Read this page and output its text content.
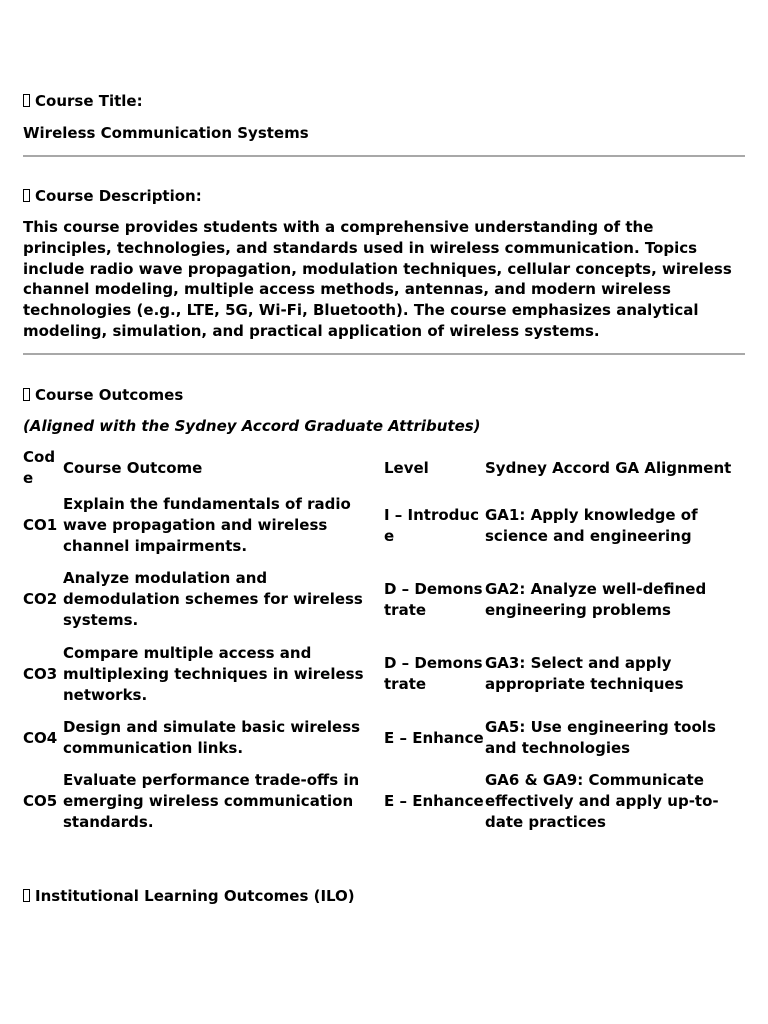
Course Title:
Wireless Communication Systems
Course Description:
This course provides students with a comprehensive understanding of the principles, technologies, and standards used in wireless communication. Topics include radio wave propagation, modulation techniques, cellular concepts, wireless channel modeling, multiple access methods, antennas, and modern wireless technologies (e.g., LTE, 5G, Wi-Fi, Bluetooth). The course emphasizes analytical modeling, simulation, and practical application of wireless systems.
Course Outcomes
(Aligned with the Sydney Accord Graduate Attributes)
Code	Course Outcome	Level	Sydney Accord GA Alignment
CO1	Explain the fundamentals of radio wave propagation and wireless channel impairments.	I – Introduce	GA1: Apply knowledge of science and engineering
CO2	Analyze modulation and demodulation schemes for wireless systems.	D – Demonstrate	GA2: Analyze well-defined engineering problems
CO3	Compare multiple access and multiplexing techniques in wireless networks.	D – Demonstrate	GA3: Select and apply appropriate techniques
CO4	Design and simulate basic wireless communication links.	E – Enhance	GA5: Use engineering tools and technologies
CO5	Evaluate performance trade-offs in emerging wireless communication standards.	E – Enhance	GA6 & GA9: Communicate effectively and apply up-to-date practices
Institutional Learning Outcomes (ILO)
